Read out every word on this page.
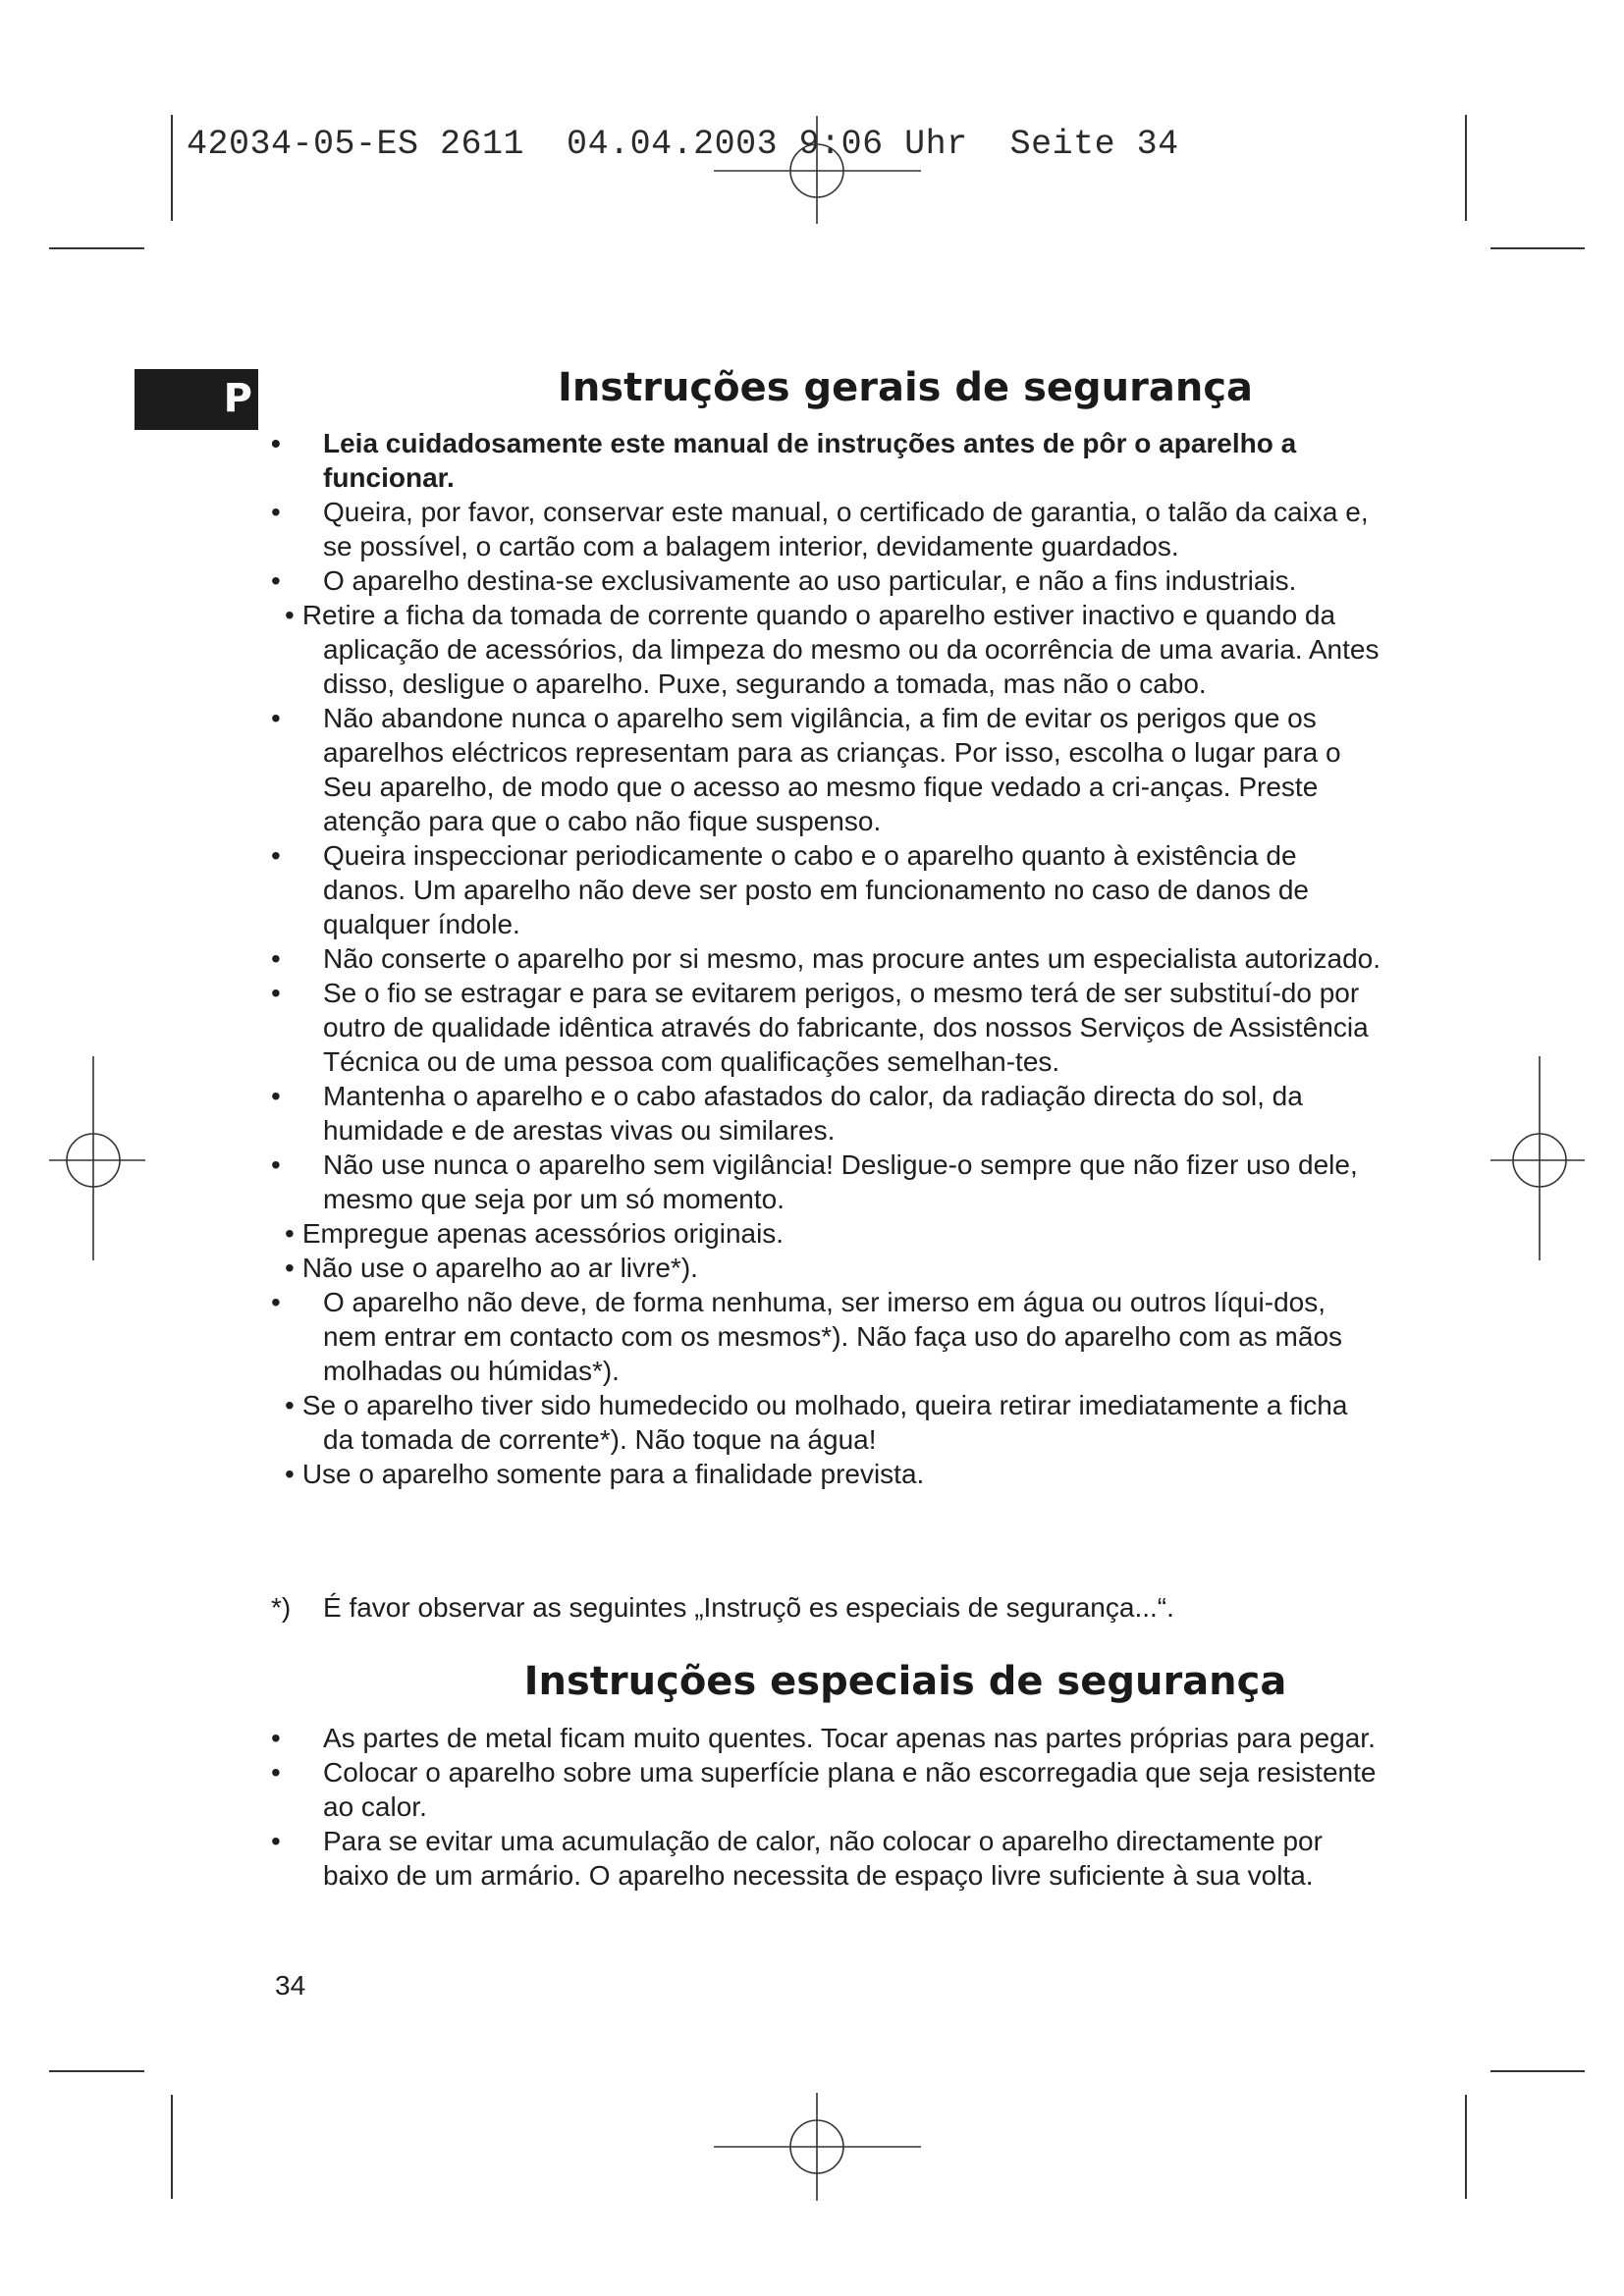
42034-05-ES 2611  04.04.2003 9:06 Uhr  Seite 34
P	Instruções gerais de segurança
• Leia cuidadosamente este manual de instruções antes de pôr o aparelho a funcionar.
• Queira, por favor, conservar este manual, o certificado de garantia, o talão da caixa e, se possível, o cartão com a balagem interior, devidamente guardados.
• O aparelho destina-se exclusivamente ao uso particular, e não a fins industriais.
• Retire a ficha da tomada de corrente quando o aparelho estiver inactivo e quando da aplicação de acessórios, da limpeza do mesmo ou da ocorrência de uma avaria. Antes disso, desligue o aparelho. Puxe, segurando a tomada, mas não o cabo.
• Não abandone nunca o aparelho sem vigilância, a fim de evitar os perigos que os aparelhos eléctricos representam para as crianças. Por isso, escolha o lugar para o Seu aparelho, de modo que o acesso ao mesmo fique vedado a cri-anças. Preste atenção para que o cabo não fique suspenso.
• Queira inspeccionar periodicamente o cabo e o aparelho quanto à existência de danos. Um aparelho não deve ser posto em funcionamento no caso de danos de qualquer índole.
• Não conserte o aparelho por si mesmo, mas procure antes um especialista autorizado.
• Se o fio se estragar e para se evitarem perigos, o mesmo terá de ser substituí-do por outro de qualidade idêntica através do fabricante, dos nossos Serviços de Assistência Técnica ou de uma pessoa com qualificações semelhan-tes.
• Mantenha o aparelho e o cabo afastados do calor, da radiação directa do sol, da humidade e de arestas vivas ou similares.
• Não use nunca o aparelho sem vigilância! Desligue-o sempre que não fizer uso dele, mesmo que seja por um só momento.
• Empregue apenas acessórios originais.
• Não use o aparelho ao ar livre*).
• O aparelho não deve, de forma nenhuma, ser imerso em água ou outros líqui-dos, nem entrar em contacto com os mesmos*). Não faça uso do aparelho com as mãos molhadas ou húmidas*).
• Se o aparelho tiver sido humedecido ou molhado, queira retirar imediatamente a ficha da tomada de corrente*). Não toque na água!
• Use o aparelho somente para a finalidade prevista.
*) É favor observar as seguintes „Instruçõ es especiais de segurança...“.
Instruções especiais de segurança
• As partes de metal ficam muito quentes. Tocar apenas nas partes próprias para pegar.
• Colocar o aparelho sobre uma superfície plana e não escorregadia que seja resistente ao calor.
• Para se evitar uma acumulação de calor, não colocar o aparelho directamente por baixo de um armário. O aparelho necessita de espaço livre suficiente à sua volta.
34
